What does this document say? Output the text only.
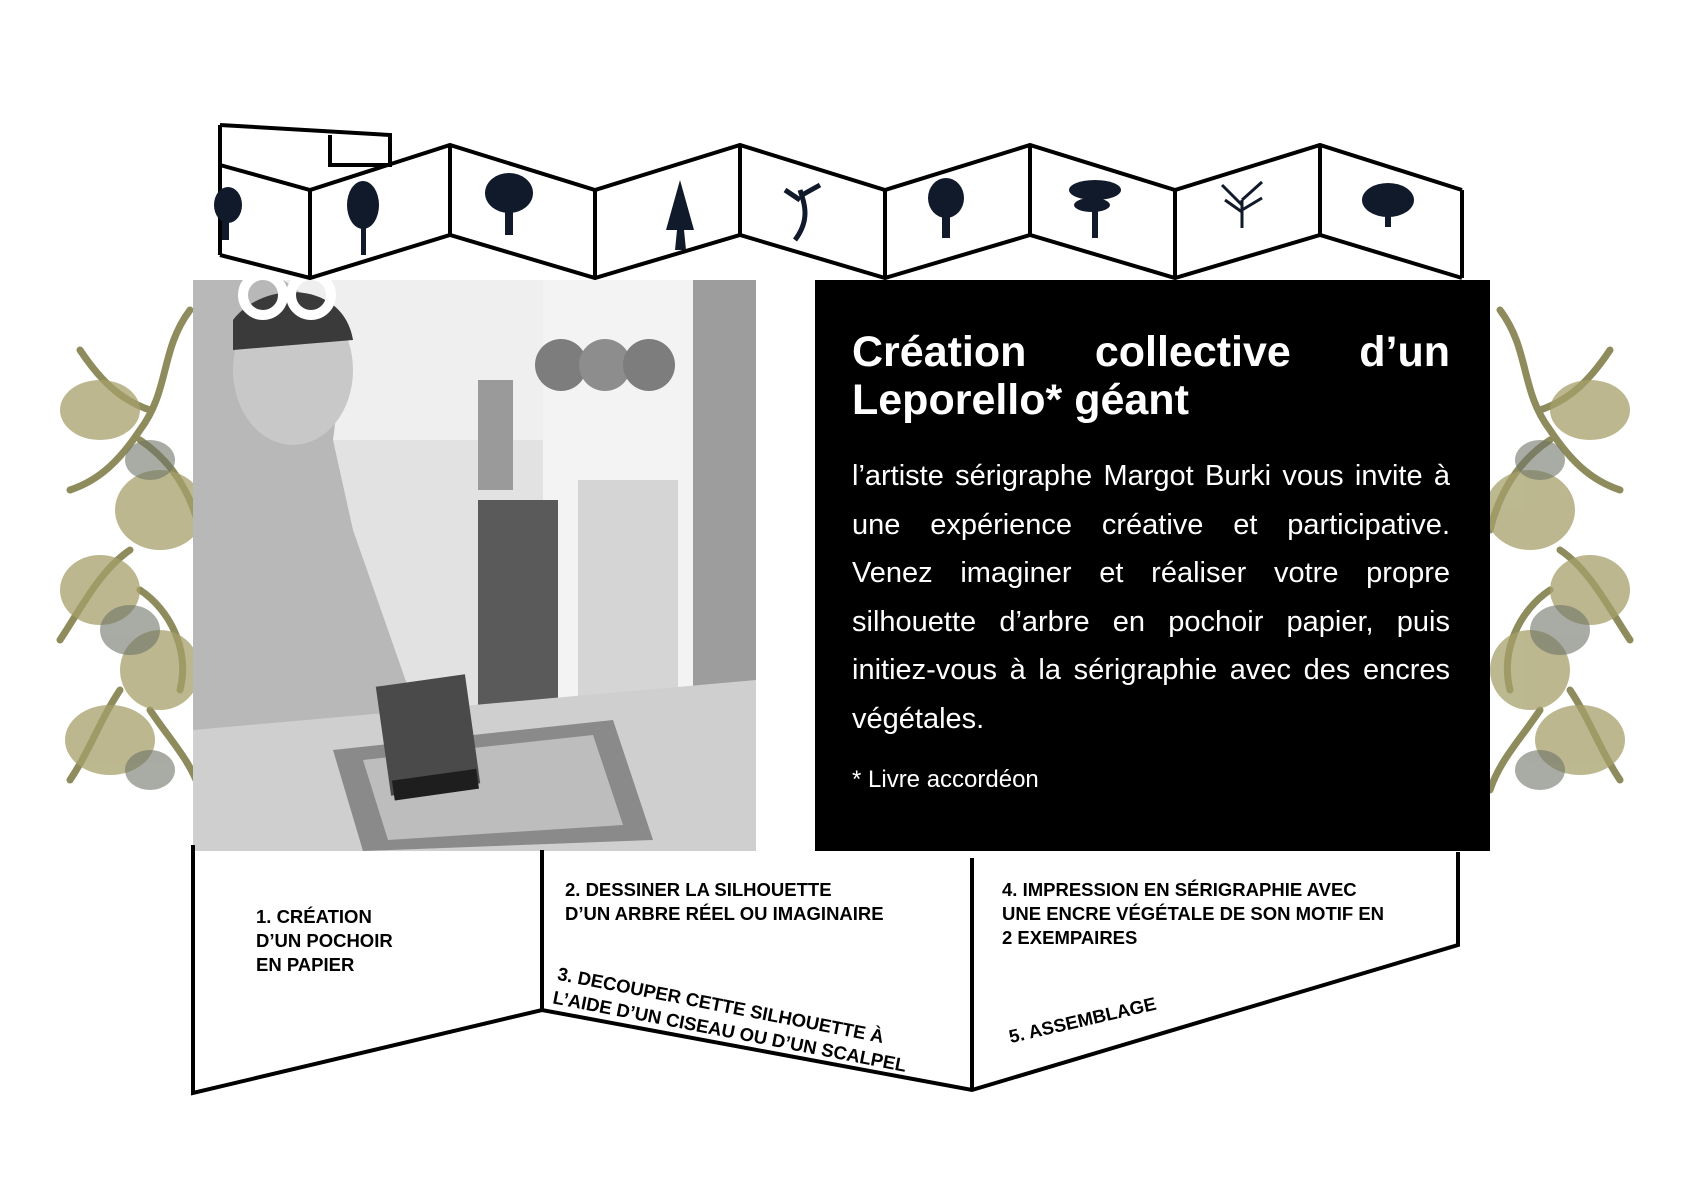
Création collective d’un Leporello* géant

l’artiste sérigraphe Margot Burki vous invite à une expérience créative et participative. Venez imaginer et réaliser votre propre silhouette d’arbre en pochoir papier, puis initiez-vous à la sérigraphie avec des encres végétales.

* Livre accordéon
1. CRÉATION
D’UN POCHOIR
EN PAPIER
2. DESSINER LA SILHOUETTE
D’UN ARBRE RÉEL OU IMAGINAIRE
3. DECOUPER CETTE SILHOUETTE À
L’AIDE D’UN CISEAU OU D’UN SCALPEL
4. IMPRESSION EN SÉRIGRAPHIE AVEC
UNE ENCRE VÉGÉTALE DE SON MOTIF EN
2 EXEMPAIRES
5. ASSEMBLAGE
